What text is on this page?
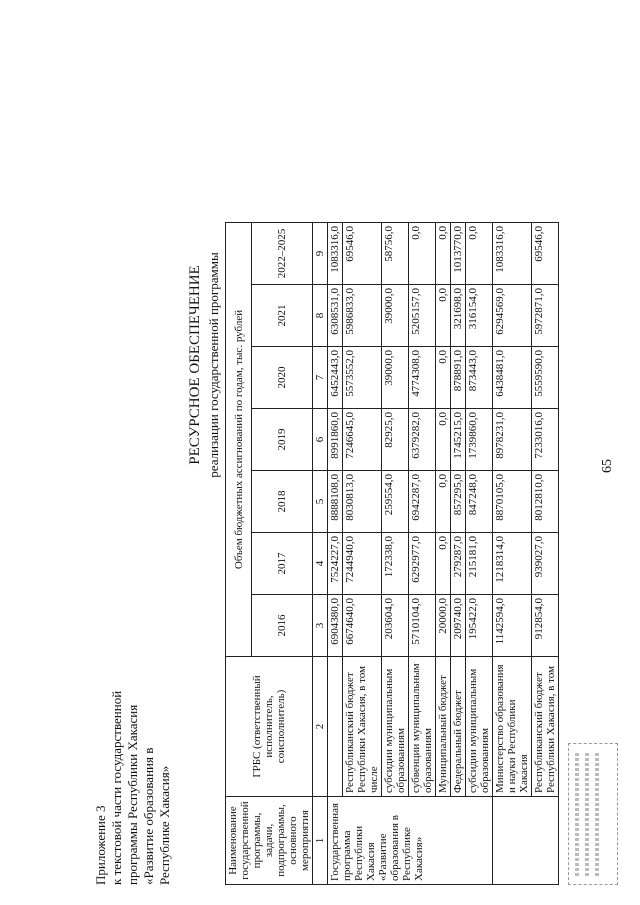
65
Приложение 3 к текстовой части государственной программы Республики Хакасия «Развитие образования в Республике Хакасия»
РЕСУРСНОЕ ОБЕСПЕЧЕНИЕ реализации государственной программы
Наименование государственной программы, задачи, подпрограммы, основного мероприятия	ГРБС (ответственный исполнитель, соисполнитель)	Объем бюджетных ассигнований по годам, тыс. рублей						
		2016	2017	2018	2019	2020	2021	2022–2025
1	2	3	4	5	6	7	8	9
Государственная программа Республики Хакасия «Развитие образования в Республике Хакасия»		6904380,0	7524227,0	8888108,0	8991860,0	6452443,0	6308531,0	1083316,0
	Республиканский бюджет Республики Хакасия, в том числе	6674640,0	7244940,0	8030813,0	7246645,0	5573552,0	5986833,0	69546,0
	субсидии муниципальным образованиям	203604,0	172338,0	259554,0	82925,0	39000,0	39000,0	58756,0
	субвенции муниципальным образованиям	5710104,0	6292977,0	6942287,0	6379282,0	4774308,0	5205157,0	0,0
	Муниципальный бюджет	20000,0	0,0	0,0	0,0	0,0	0,0	0,0
	Федеральный бюджет	209740,0	279287,0	857295,0	1745215,0	878891,0	321698,0	1013770,0
	субсидии муниципальным образованиям	195422,0	215181,0	847248,0	1739860,0	873443,0	316154,0	0,0
	Министерство образования и науки Республики Хакасия	1142594,0	1218314,0	8870105,0	8978231,0	6438481,0	6294569,0	1083316,0
	Республиканский бюджет Республики Хакасия, в том	912854,0	939027,0	8012810,0	7233016,0	5559590,0	5972871,0	69546,0
